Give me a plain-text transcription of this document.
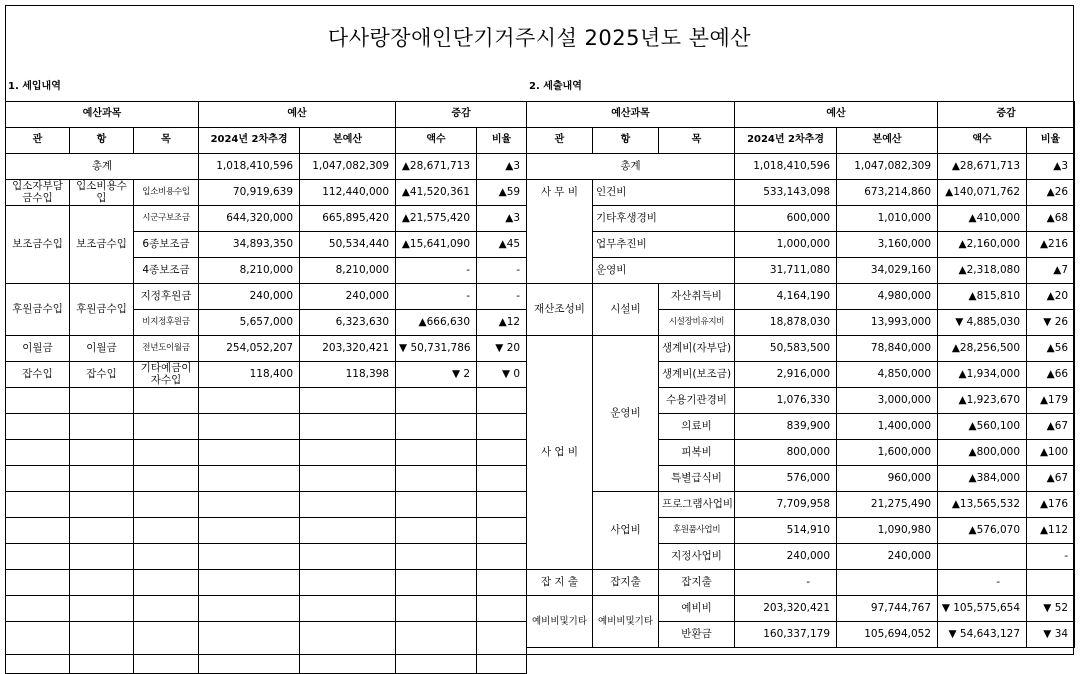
다사랑장애인단기거주시설 2025년도 본예산
1. 세입내역	2. 세출내역
예산과목			예산		증감	
관	항	목	2024년 2차추경	본예산	액수	비율
총계			1,018,410,596	1,047,082,309	▲28,671,713	▲3
입소자부담금수입	입소비용수입	입소비용수입	70,919,639	112,440,000	▲41,520,361	▲59
보조금수입	보조금수입	시군구보조금	644,320,000	665,895,420	▲21,575,420	▲3
		6종보조금	34,893,350	50,534,440	▲15,641,090	▲45
		4종보조금	8,210,000	8,210,000	-	-
후원금수입	후원금수입	지정후원금	240,000	240,000	-	-
		비지정후원금	5,657,000	6,323,630	▲666,630	▲12
이월금	이월금	전년도이월금	254,052,207	203,320,421	▼ 50,731,786	▼ 20
잡수입	잡수입	기타예금이자수입	118,400	118,398	▼ 2	▼ 0

예산과목			예산		증감	
관	항	목	2024년 2차추경	본예산	액수	비율
총계			1,018,410,596	1,047,082,309	▲28,671,713	▲3
사 무 비	인건비		533,143,098	673,214,860	▲140,071,762	▲26
	기타후생경비		600,000	1,010,000	▲410,000	▲68
	업무추진비		1,000,000	3,160,000	▲2,160,000	▲216
	운영비		31,711,080	34,029,160	▲2,318,080	▲7
재산조성비	시설비	자산취득비	4,164,190	4,980,000	▲815,810	▲20
		시설장비유지비	18,878,030	13,993,000	▼ 4,885,030	▼ 26
사 업 비	운영비	생계비(자부담)	50,583,500	78,840,000	▲28,256,500	▲56
		생계비(보조금)	2,916,000	4,850,000	▲1,934,000	▲66
		수용기관경비	1,076,330	3,000,000	▲1,923,670	▲179
		의료비	839,900	1,400,000	▲560,100	▲67
		피복비	800,000	1,600,000	▲800,000	▲100
		특별급식비	576,000	960,000	▲384,000	▲67
	사업비	프로그램사업비	7,709,958	21,275,490	▲13,565,532	▲176
		후원품사업비	514,910	1,090,980	▲576,070	▲112
		지정사업비	240,000	240,000		-
잡 지 출	잡지출	잡지출	-		-	
예비비및기타	예비비및기타	예비비	203,320,421	97,744,767	▼ 105,575,654	▼ 52
		반환금	160,337,179	105,694,052	▼ 54,643,127	▼ 34
